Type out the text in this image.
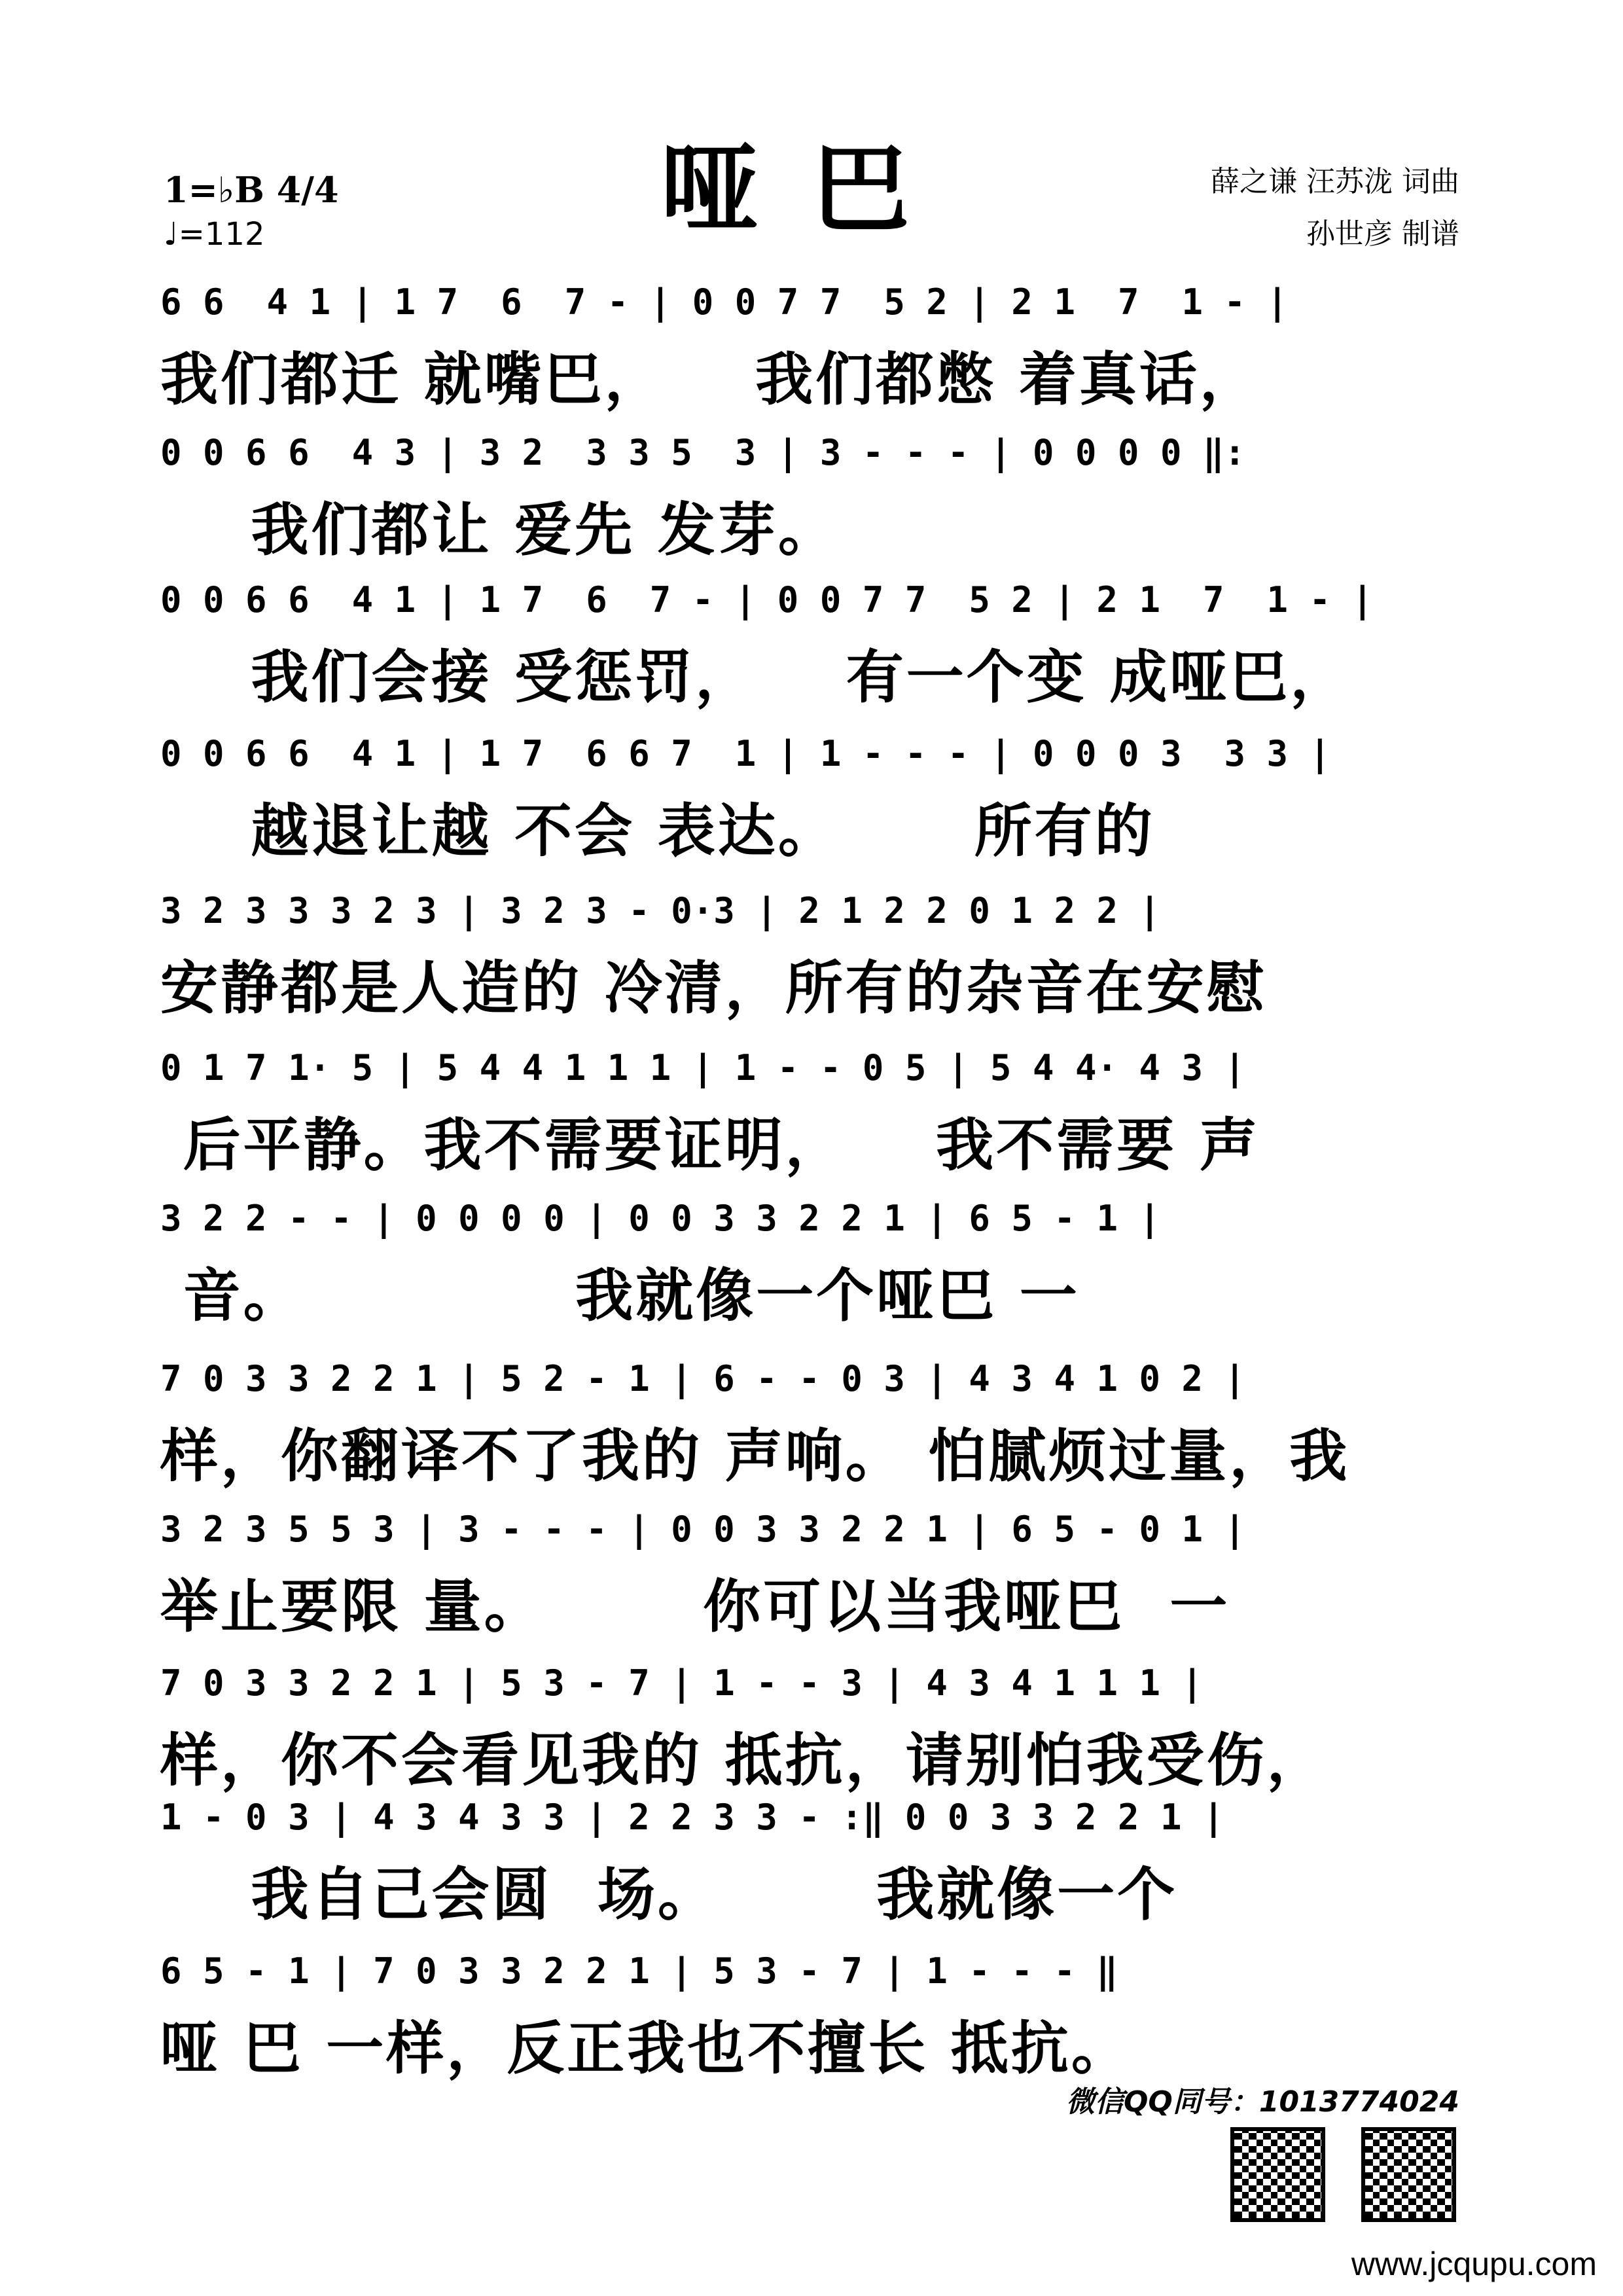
哑巴
1=♭B 4/4
♩=112
薛之谦 汪苏泷 词曲
孙世彦 制谱
6 6  4 1 | 1 7  6  7 - | 0 0 7 7  5 2 | 2 1  7  1 - |
我们都迁 就嘴巴，    我们都憋 着真话，
0 0 6 6  4 3 | 3 2  3 3 5  3 | 3 - - - | 0 0 0 0 ‖:
我们都让 爱先 发芽。
0 0 6 6  4 1 | 1 7  6  7 - | 0 0 7 7  5 2 | 2 1  7  1 - |
我们会接 受惩罚，    有一个变 成哑巴，
0 0 6 6  4 1 | 1 7  6 6 7  1 | 1 - - - | 0 0 0 3  3 3 |
越退让越 不会 表达。      所有的
3 2 3 3 3 2 3 | 3 2 3 - 0·3 | 2 1 2 2 0 1 2 2 |
安静都是人造的 冷清，所有的杂音在安慰
0 1 7 1· 5 | 5 4 4 1 1 1 | 1 - - 0 5 | 5 4 4· 4 3 |
后平静。我不需要证明，    我不需要 声
3 2 2 - - | 0 0 0 0 | 0 0 3 3 2 2 1 | 6 5 - 1 |
音。            我就像一个哑巴 一
7 0 3 3 2 2 1 | 5 2 - 1 | 6 - - 0 3 | 4 3 4 1 0 2 |
样，你翻译不了我的 声响。 怕腻烦过量，我
3 2 3 5 5 3 | 3 - - - | 0 0 3 3 2 2 1 | 6 5 - 0 1 |
举止要限 量。       你可以当我哑巴  一
7 0 3 3 2 2 1 | 5 3 - 7 | 1 - - 3 | 4 3 4 1 1 1 |
样，你不会看见我的 抵抗，请别怕我受伤，
1 - 0 3 | 4 3 4 3 3 | 2 2 3 3 - :‖ 0 0 3 3 2 2 1 |
我自己会圆  场。       我就像一个
6 5 - 1 | 7 0 3 3 2 2 1 | 5 3 - 7 | 1 - - - ‖
哑 巴 一样，反正我也不擅长 抵抗。
微信QQ同号：1013774024
www.jcqupu.com
